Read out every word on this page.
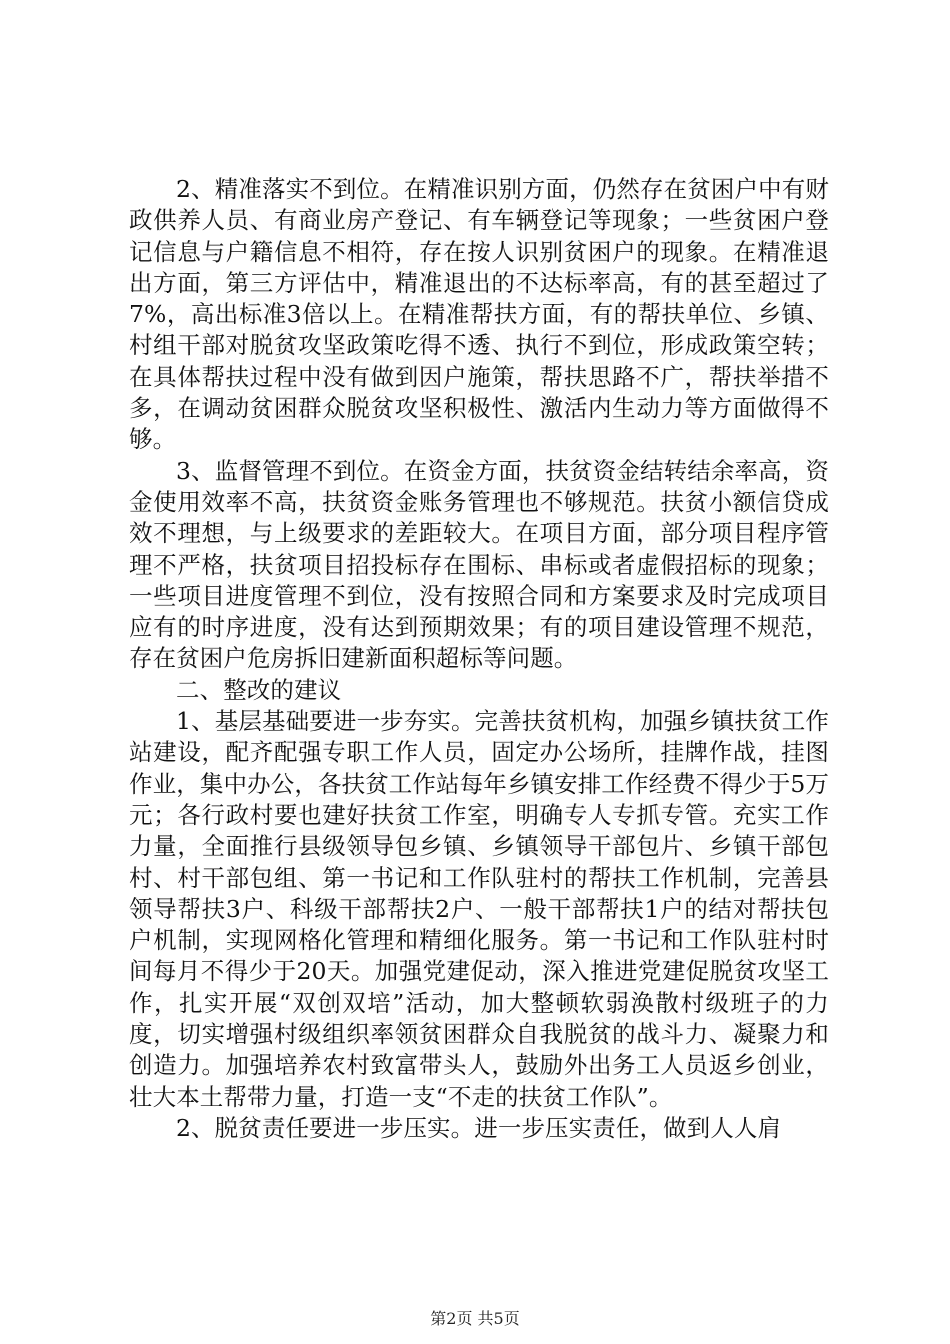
2、精准落实不到位。在精准识别方面，仍然存在贫困户中有财政供养人员、有商业房产登记、有车辆登记等现象；一些贫困户登记信息与户籍信息不相符，存在按人识别贫困户的现象。在精准退出方面，第三方评估中，精准退出的不达标率高，有的甚至超过了7%，高出标准3倍以上。在精准帮扶方面，有的帮扶单位、乡镇、村组干部对脱贫攻坚政策吃得不透、执行不到位，形成政策空转；在具体帮扶过程中没有做到因户施策，帮扶思路不广，帮扶举措不多，在调动贫困群众脱贫攻坚积极性、激活内生动力等方面做得不够。

3、监督管理不到位。在资金方面，扶贫资金结转结余率高，资金使用效率不高，扶贫资金账务管理也不够规范。扶贫小额信贷成效不理想，与上级要求的差距较大。在项目方面，部分项目程序管理不严格，扶贫项目招投标存在围标、串标或者虚假招标的现象；一些项目进度管理不到位，没有按照合同和方案要求及时完成项目应有的时序进度，没有达到预期效果；有的项目建设管理不规范，存在贫困户危房拆旧建新面积超标等问题。

二、整改的建议

1、基层基础要进一步夯实。完善扶贫机构，加强乡镇扶贫工作站建设，配齐配强专职工作人员，固定办公场所，挂牌作战，挂图作业，集中办公，各扶贫工作站每年乡镇安排工作经费不得少于5万元；各行政村要也建好扶贫工作室，明确专人专抓专管。充实工作力量，全面推行县级领导包乡镇、乡镇领导干部包片、乡镇干部包村、村干部包组、第一书记和工作队驻村的帮扶工作机制，完善县领导帮扶3户、科级干部帮扶2户、一般干部帮扶1户的结对帮扶包户机制，实现网格化管理和精细化服务。第一书记和工作队驻村时间每月不得少于20天。加强党建促动，深入推进党建促脱贫攻坚工作，扎实开展“双创双培”活动，加大整顿软弱涣散村级班子的力度，切实增强村级组织率领贫困群众自我脱贫的战斗力、凝聚力和创造力。加强培养农村致富带头人，鼓励外出务工人员返乡创业，壮大本土帮带力量，打造一支“不走的扶贫工作队”。

2、脱贫责任要进一步压实。进一步压实责任，做到人人肩

第2页 共5页
